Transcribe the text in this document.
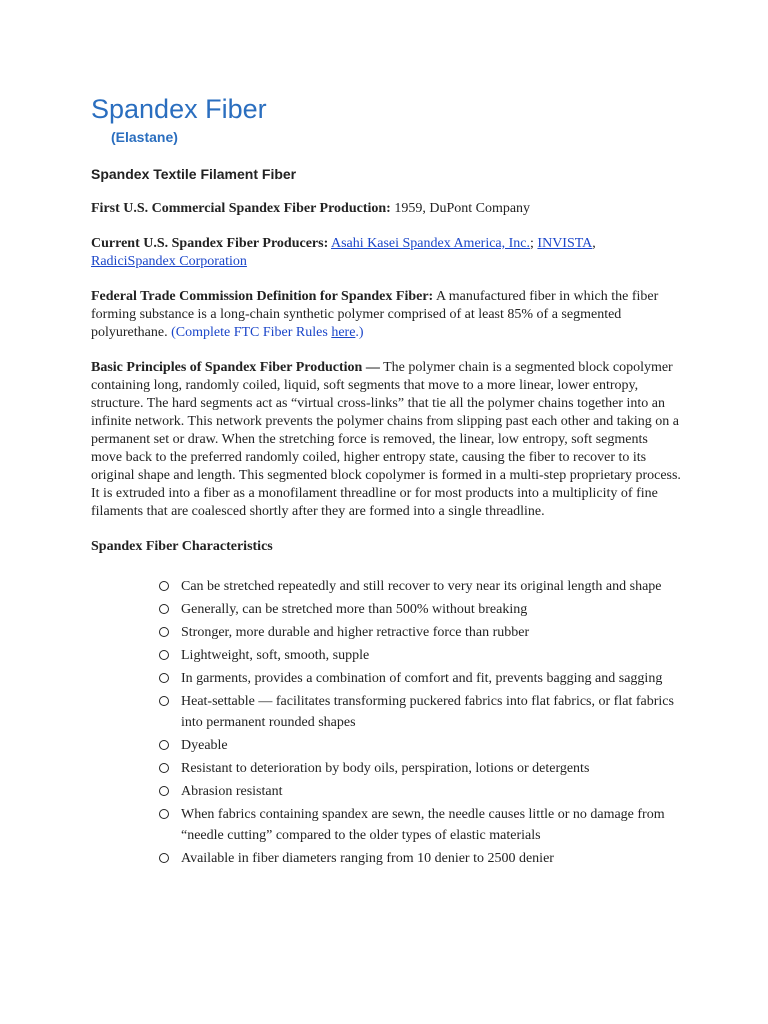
Spandex Fiber
(Elastane)
Spandex Textile Filament Fiber
First U.S. Commercial Spandex Fiber Production: 1959, DuPont Company
Current U.S. Spandex Fiber Producers: Asahi Kasei Spandex America, Inc.; INVISTA, RadiciSpandex Corporation
Federal Trade Commission Definition for Spandex Fiber: A manufactured fiber in which the fiber forming substance is a long-chain synthetic polymer comprised of at least 85% of a segmented polyurethane. (Complete FTC Fiber Rules here.)
Basic Principles of Spandex Fiber Production — The polymer chain is a segmented block copolymer containing long, randomly coiled, liquid, soft segments that move to a more linear, lower entropy, structure. The hard segments act as “virtual cross-links” that tie all the polymer chains together into an infinite network. This network prevents the polymer chains from slipping past each other and taking on a permanent set or draw. When the stretching force is removed, the linear, low entropy, soft segments move back to the preferred randomly coiled, higher entropy state, causing the fiber to recover to its original shape and length. This segmented block copolymer is formed in a multi-step proprietary process. It is extruded into a fiber as a monofilament threadline or for most products into a multiplicity of fine filaments that are coalesced shortly after they are formed into a single threadline.
Spandex Fiber Characteristics
Can be stretched repeatedly and still recover to very near its original length and shape
Generally, can be stretched more than 500% without breaking
Stronger, more durable and higher retractive force than rubber
Lightweight, soft, smooth, supple
In garments, provides a combination of comfort and fit, prevents bagging and sagging
Heat-settable — facilitates transforming puckered fabrics into flat fabrics, or flat fabrics into permanent rounded shapes
Dyeable
Resistant to deterioration by body oils, perspiration, lotions or detergents
Abrasion resistant
When fabrics containing spandex are sewn, the needle causes little or no damage from “needle cutting” compared to the older types of elastic materials
Available in fiber diameters ranging from 10 denier to 2500 denier
